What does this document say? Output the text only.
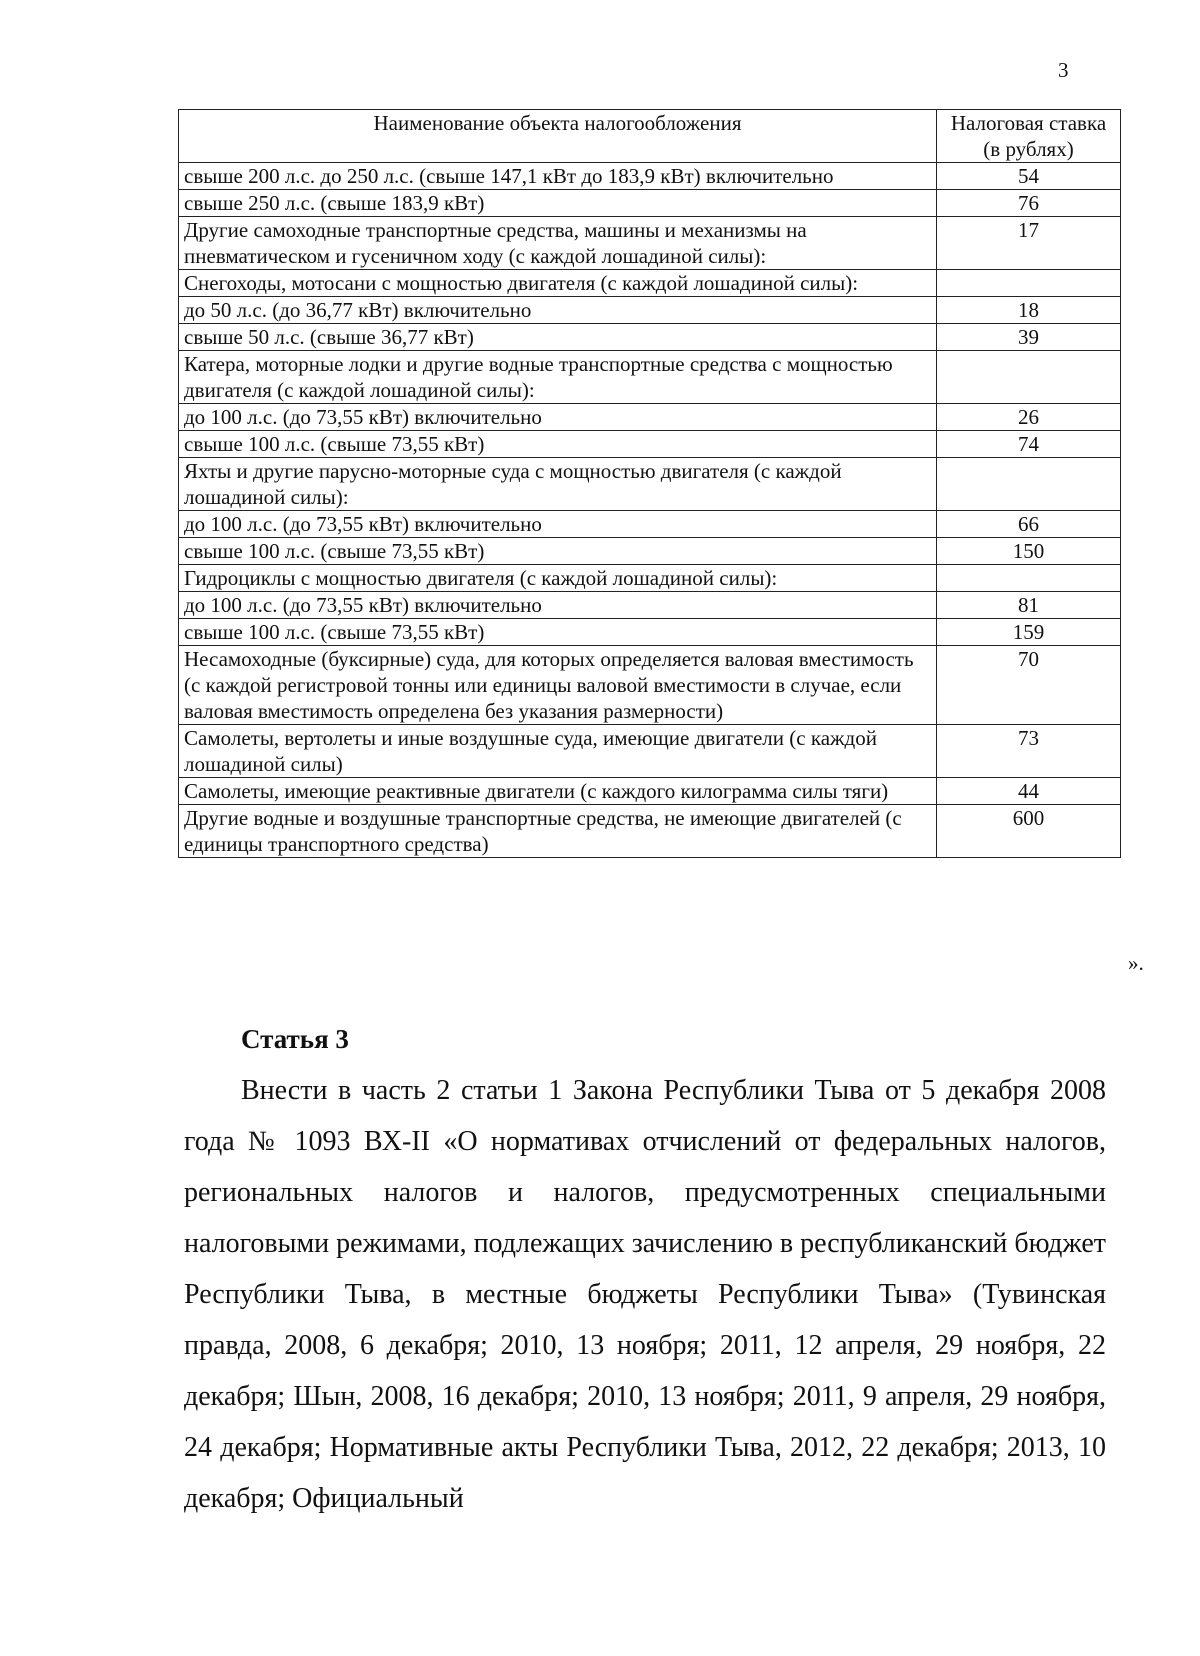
3
Наименование объекта налогообложения	Налоговая ставка (в рублях)
свыше 200 л.с. до 250 л.с. (свыше 147,1 кВт до 183,9 кВт) включительно	54
свыше 250 л.с. (свыше 183,9 кВт)	76
Другие самоходные транспортные средства, машины и механизмы на пневматическом и гусеничном ходу (с каждой лошадиной силы):	17
Снегоходы, мотосани с мощностью двигателя (с каждой лошадиной силы):	
до 50 л.с. (до 36,77 кВт) включительно	18
свыше 50 л.с. (свыше 36,77 кВт)	39
Катера, моторные лодки и другие водные транспортные средства с мощностью двигателя (с каждой лошадиной силы):	
до 100 л.с. (до 73,55 кВт) включительно	26
свыше 100 л.с. (свыше 73,55 кВт)	74
Яхты и другие парусно-моторные суда с мощностью двигателя (с каждой лошадиной силы):	
до 100 л.с. (до 73,55 кВт) включительно	66
свыше 100 л.с. (свыше 73,55 кВт)	150
Гидроциклы с мощностью двигателя (с каждой лошадиной силы):	
до 100 л.с. (до 73,55 кВт) включительно	81
свыше 100 л.с. (свыше 73,55 кВт)	159
Несамоходные (буксирные) суда, для которых определяется валовая вместимость (с каждой регистровой тонны или единицы валовой вместимости в случае, если валовая вместимость определена без указания размерности)	70
Самолеты, вертолеты и иные воздушные суда, имеющие двигатели (с каждой лошадиной силы)	73
Самолеты, имеющие реактивные двигатели (с каждого килограмма силы тяги)	44
Другие водные и воздушные транспортные средства, не имеющие двигателей (с единицы транспортного средства)	600
».
Статья 3

Внести в часть 2 статьи 1 Закона Республики Тыва от 5 декабря 2008 года № 1093 ВХ-II «О нормативах отчислений от федеральных налогов, региональных налогов и налогов, предусмотренных специальными налоговыми режимами, подлежащих зачислению в республиканский бюджет Республики Тыва, в местные бюджеты Республики Тыва» (Тувинская правда, 2008, 6 декабря; 2010, 13 ноября; 2011, 12 апреля, 29 ноября, 22 декабря; Шын, 2008, 16 декабря; 2010, 13 ноября; 2011, 9 апреля, 29 ноября, 24 декабря; Нормативные акты Республики Тыва, 2012, 22 декабря; 2013, 10 декабря; Официальный
